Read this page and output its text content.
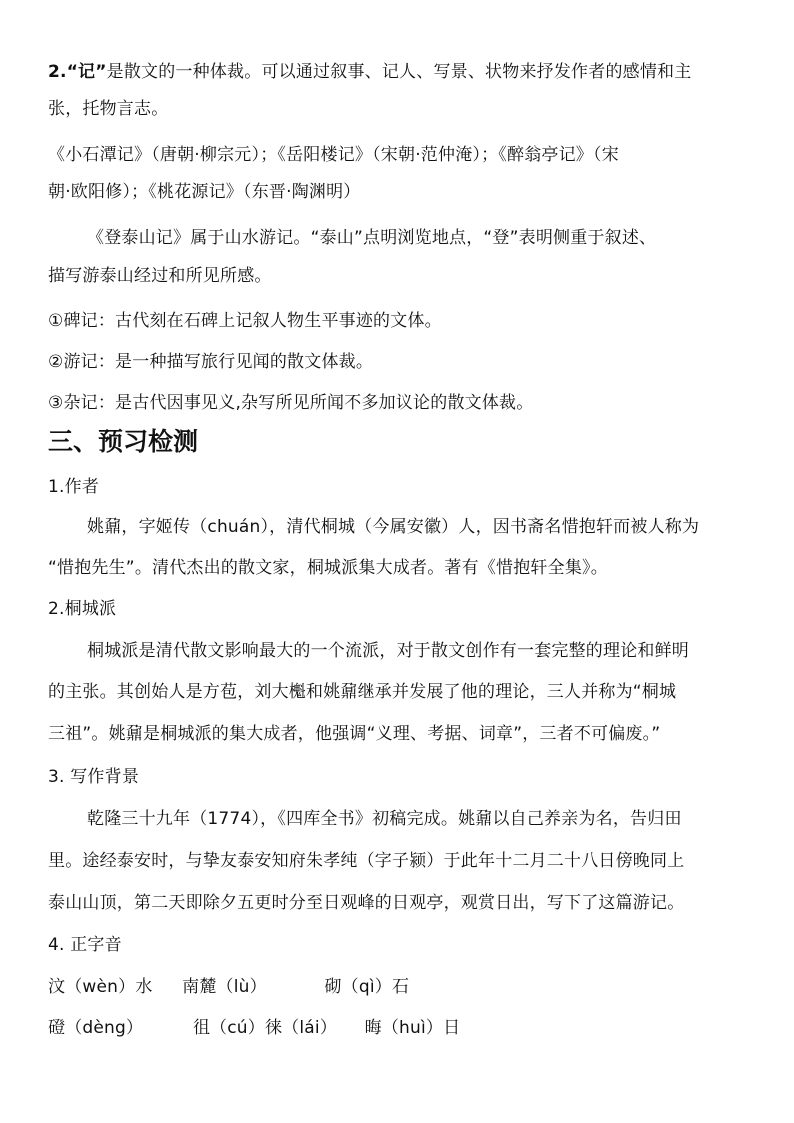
2.“记”是散文的一种体裁。可以通过叙事、记人、写景、状物来抒发作者的感情和主
张，托物言志。
《小石潭记》（唐朝·柳宗元）；《岳阳楼记》（宋朝·范仲淹）；《醉翁亭记》（宋
朝·欧阳修）；《桃花源记》（东晋·陶渊明）
《登泰山记》属于山水游记。“泰山”点明浏览地点，“登”表明侧重于叙述、
描写游泰山经过和所见所感。
①碑记：古代刻在石碑上记叙人物生平事迹的文体。
②游记：是一种描写旅行见闻的散文体裁。
③杂记：是古代因事见义,杂写所见所闻不多加议论的散文体裁。
三、预习检测
1.作者
姚鼐，字姬传（chuán），清代桐城（今属安徽）人，因书斋名惜抱轩而被人称为
“惜抱先生”。清代杰出的散文家，桐城派集大成者。著有《惜抱轩全集》。
2.桐城派
桐城派是清代散文影响最大的一个流派，对于散文创作有一套完整的理论和鲜明
的主张。其创始人是方苞，刘大櫆和姚鼐继承并发展了他的理论，三人并称为“桐城
三祖”。姚鼐是桐城派的集大成者，他强调“义理、考据、词章”，三者不可偏废。”
3. 写作背景
乾隆三十九年（1774），《四库全书》初稿完成。姚鼐以自己养亲为名，告归田
里。途经泰安时，与挚友泰安知府朱孝纯（字子颍）于此年十二月二十八日傍晚同上
泰山山顶，第二天即除夕五更时分至日观峰的日观亭，观赏日出，写下了这篇游记。
4. 正字音
汶（wèn）水 南麓（lù）	砌（qì）石
磴（dèng）	徂（cú）徕（lái） 晦（huì）日
